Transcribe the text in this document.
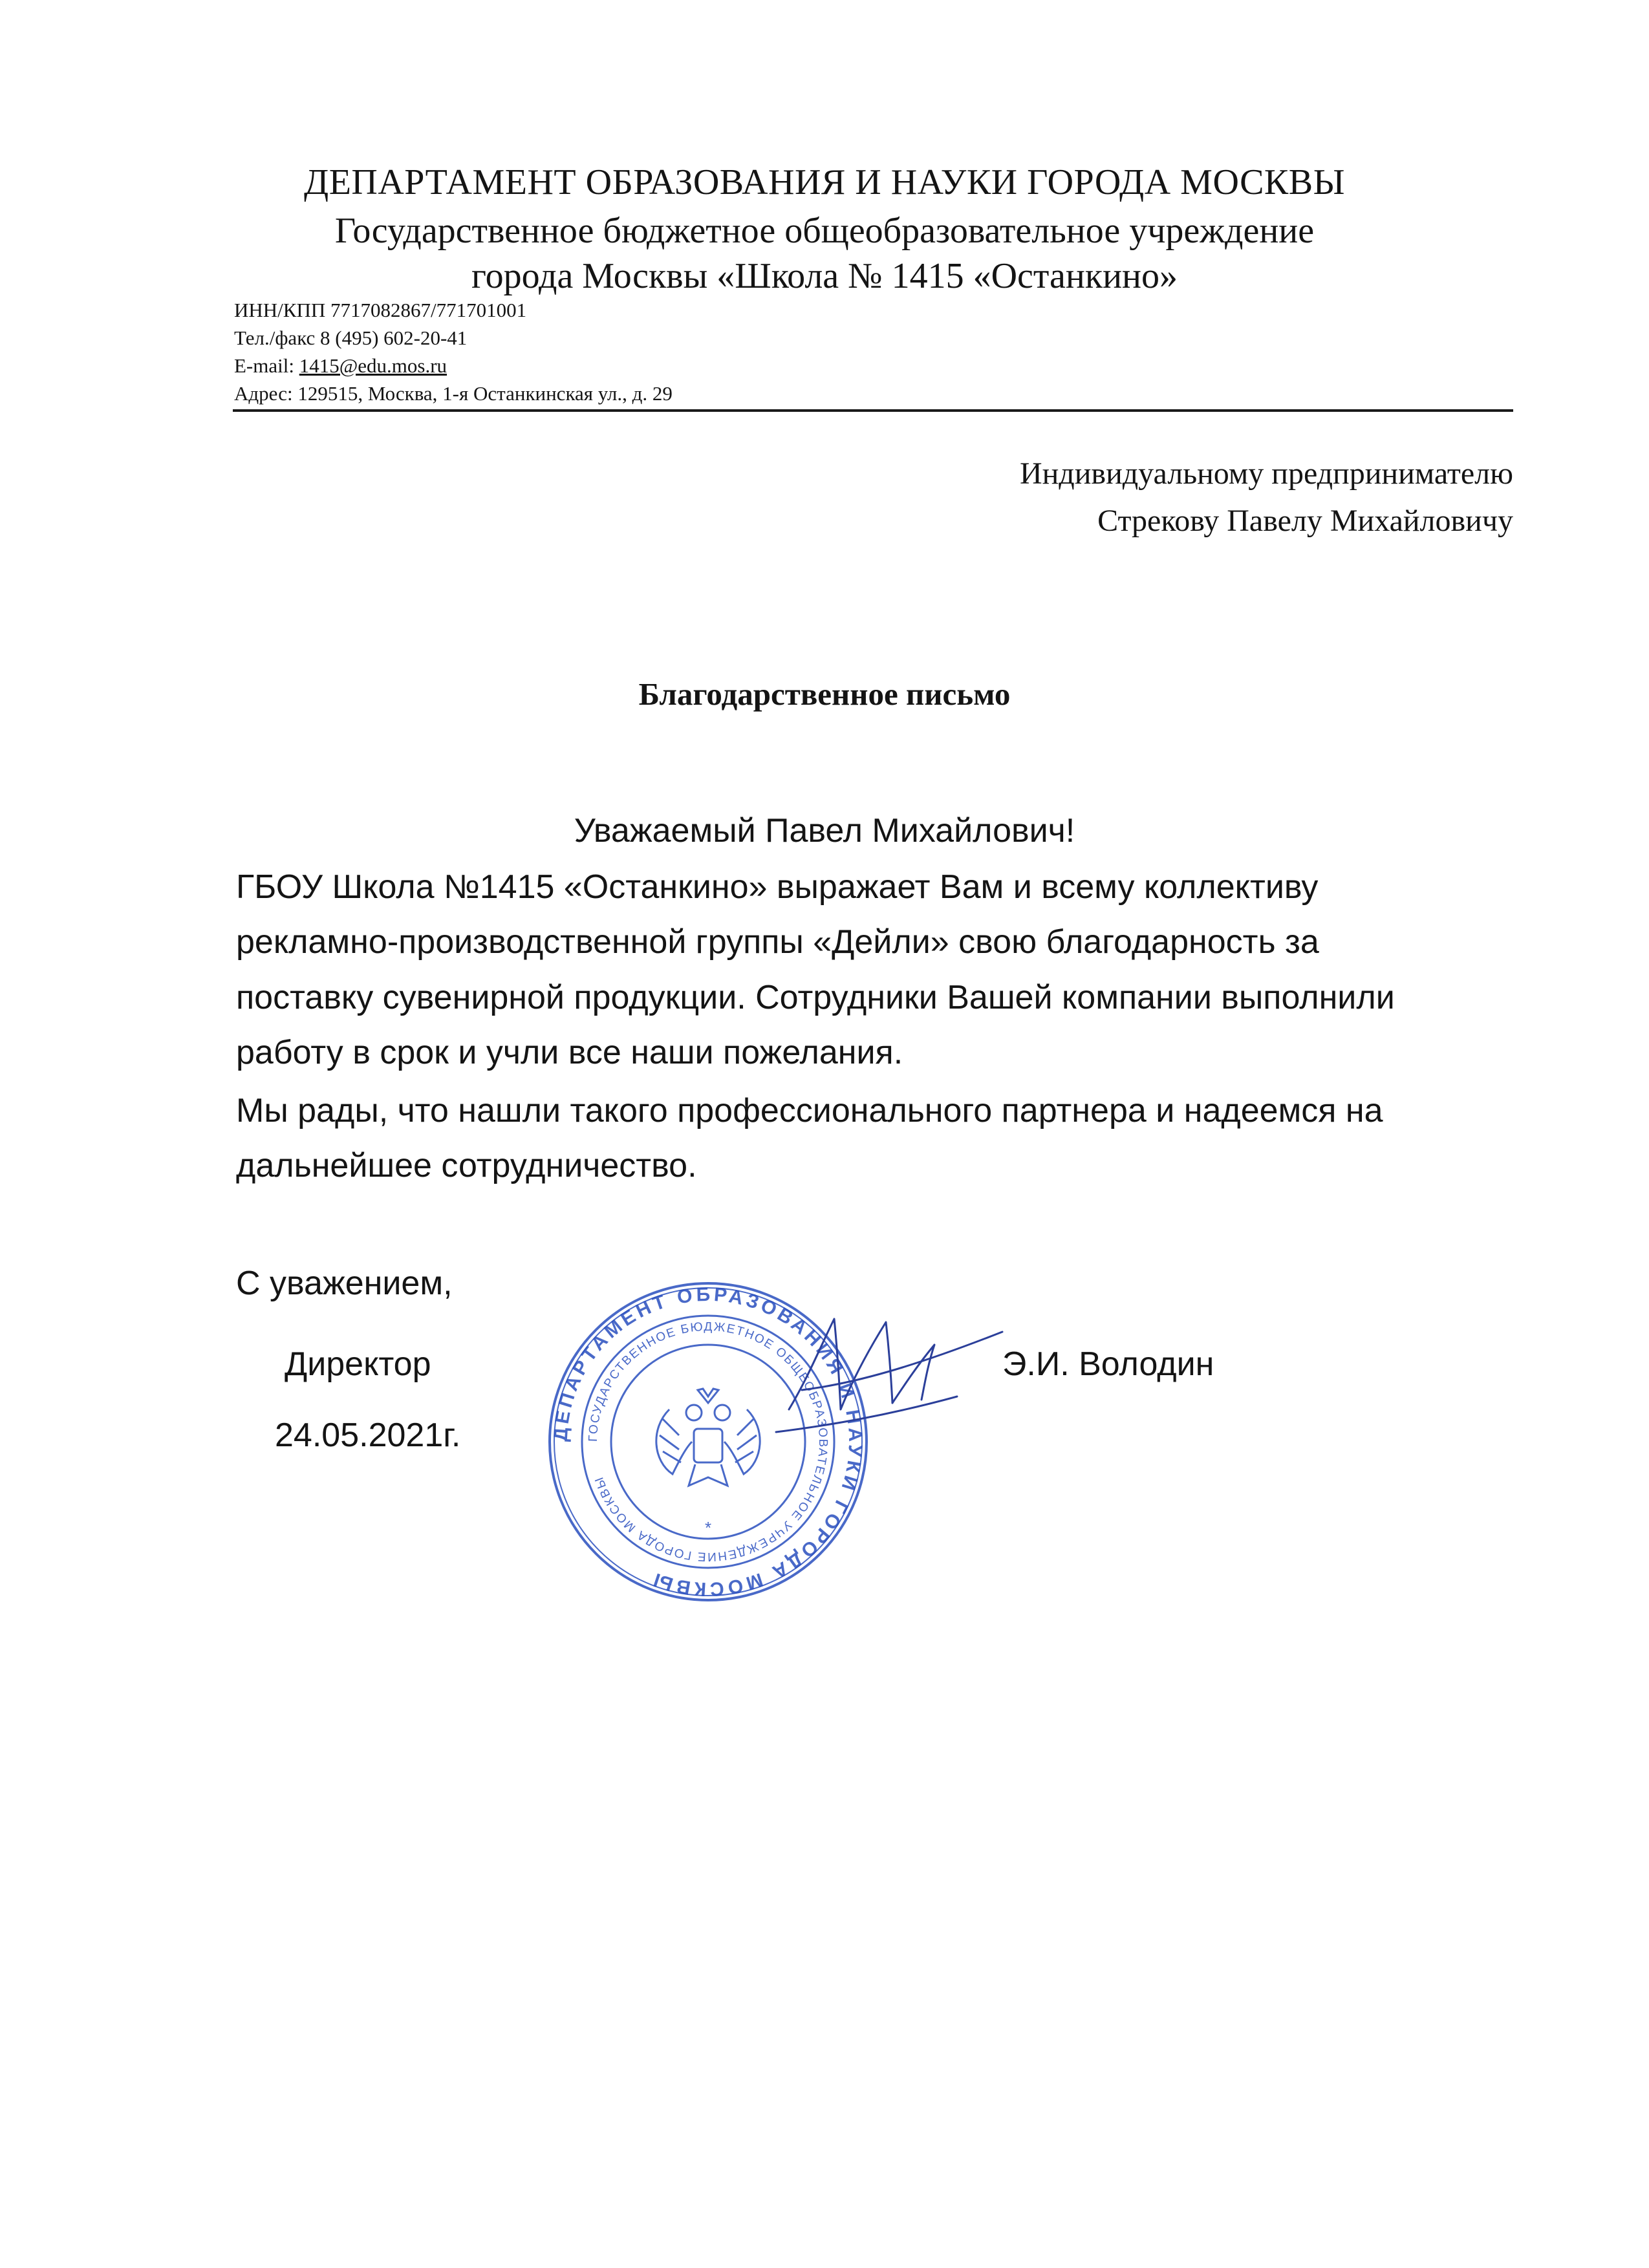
ДЕПАРТАМЕНТ ОБРАЗОВАНИЯ И НАУКИ ГОРОДА МОСКВЫ
Государственное бюджетное общеобразовательное учреждение
города Москвы «Школа № 1415 «Останкино»
ИНН/КПП 7717082867/771701001
Тел./факс 8 (495) 602-20-41
E-mail: 1415@edu.mos.ru
Адрес: 129515, Москва, 1-я Останкинская ул., д. 29
Индивидуальному предпринимателю
Стрекову Павелу Михайловичу
Благодарственное письмо
Уважаемый Павел Михайлович!
ГБОУ Школа №1415 «Останкино» выражает Вам и всему коллективу
рекламно-производственной группы «Дейли» свою благодарность за
поставку сувенирной продукции. Сотрудники Вашей компании выполнили
работу в срок и учли все наши пожелания.
Мы рады, что нашли такого профессионального партнера и надеемся на
дальнейшее сотрудничество.
ДЕПАРТАМЕНТ ОБРАЗОВАНИЯ И НАУКИ ГОРОДА МОСКВЫ
ГОСУДАРСТВЕННОЕ БЮДЖЕТНОЕ ОБЩЕОБРАЗОВАТЕЛЬНОЕ УЧРЕЖДЕНИЕ ГОРОДА МОСКВЫ
*
С уважением,
Директор
24.05.2021г.
Э.И. Володин
